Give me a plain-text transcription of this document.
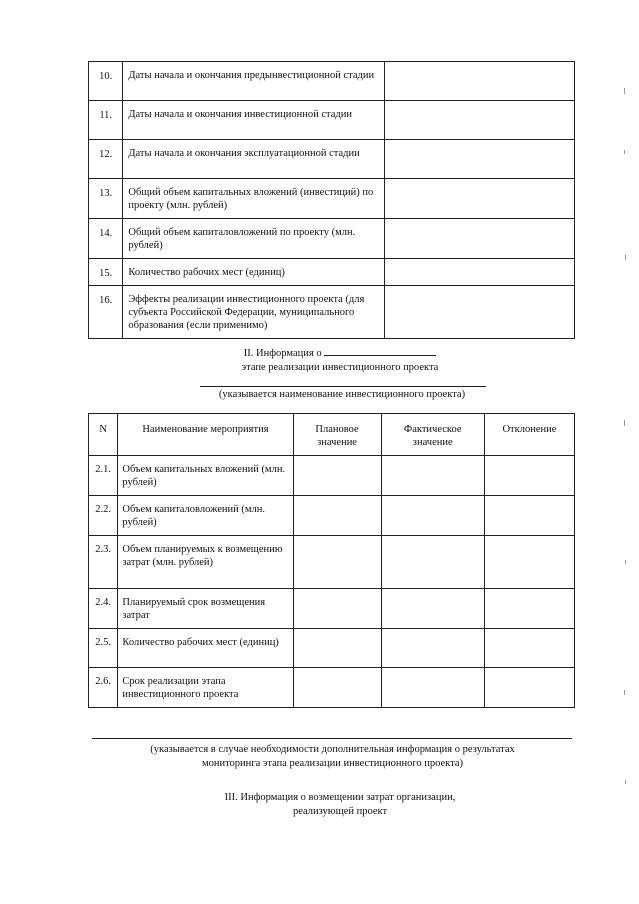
10.	Даты начала и окончания предынвестиционной стадии	
11.	Даты начала и окончания инвестиционной стадии	
12.	Даты начала и окончания эксплуатационной стадии	
13.	Общий объем капитальных вложений (инвестиций) по проекту (млн. рублей)	
14.	Общий объем капиталовложений по проекту (млн. рублей)	
15.	Количество рабочих мест (единиц)	
16.	Эффекты реализации инвестиционного проекта (для субъекта Российской Федерации, муниципального образования (если применимо)	
II. Информация о
этапе реализации инвестиционного проекта
(указывается наименование инвестиционного проекта)
N	Наименование мероприятия	Плановое значение	Фактическое значение	Отклонение
2.1.	Объем капитальных вложений (млн. рублей)			
2.2.	Объем капиталовложений (млн. рублей)			
2.3.	Объем планируемых к возмещению затрат (млн. рублей)			
2.4.	Планируемый срок возмещения затрат			
2.5.	Количество рабочих мест (единиц)			
2.6.	Срок реализации этапа инвестиционного проекта			
(указывается в случае необходимости дополнительная информация о результатах
мониторинга этапа реализации инвестиционного проекта)
III. Информация о возмещении затрат организации,
реализующей проект
